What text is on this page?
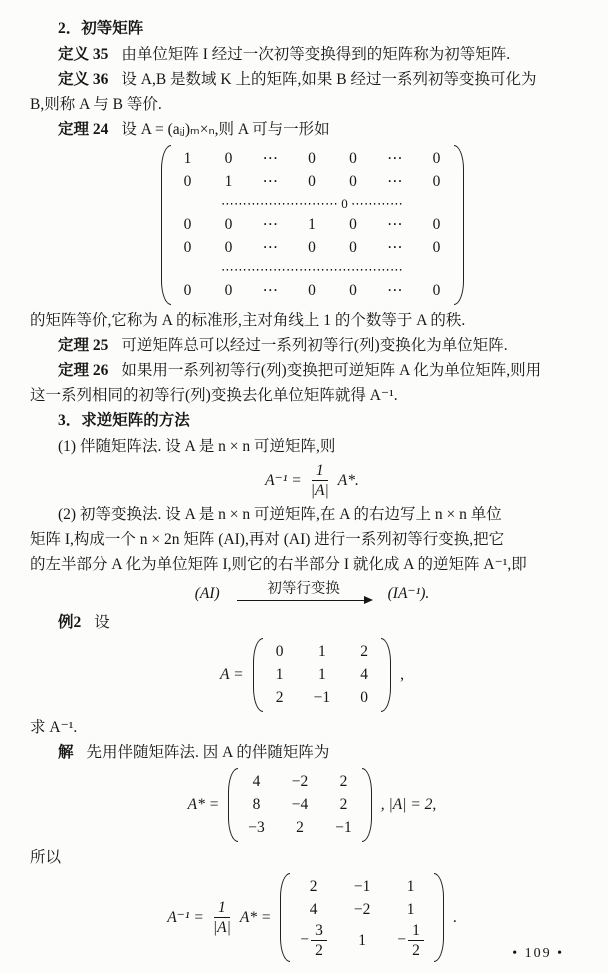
2．初等矩阵

定义 35 由单位矩阵 I 经过一次初等变换得到的矩阵称为初等矩阵.

定义 36 设 A,B 是数域 K 上的矩阵,如果 B 经过一系列初等变换可化为

B,则称 A 与 B 等价.

定理 24 设 A = (aᵢⱼ)ₘ×ₙ,则 A 可与一形如

1 0 ⋯ 0 0 ⋯ 0
0 1 ⋯ 0 0 ⋯ 0
⋯⋯⋯⋯⋯⋯⋯⋯⋯ 0 ⋯⋯⋯⋯
0 0 ⋯ 1 0 ⋯ 0
0 0 ⋯ 0 0 ⋯ 0
⋯⋯⋯⋯⋯⋯⋯⋯⋯⋯⋯⋯⋯⋯
0 0 ⋯ 0 0 ⋯ 0

的矩阵等价,它称为 A 的标准形,主对角线上 1 的个数等于 A 的秩.

定理 25 可逆矩阵总可以经过一系列初等行(列)变换化为单位矩阵.

定理 26 如果用一系列初等行(列)变换把可逆矩阵 A 化为单位矩阵,则用

这一系列相同的初等行(列)变换去化单位矩阵就得 A⁻¹.

3．求逆矩阵的方法

(1) 伴随矩阵法. 设 A 是 n × n 可逆矩阵,则

$A^{-1} = \frac{1}{|A|} A*$.

(2) 初等变换法. 设 A 是 n × n 可逆矩阵,在 A 的右边写上 n × n 单位

矩阵 I,构成一个 n × 2n 矩阵 (AI),再对 (AI) 进行一系列初等行变换,把它

的左半部分 A 化为单位矩阵 I,则它的右半部分 I 就化成 A 的逆矩阵 A⁻¹,即

(AI)	初等行变换	(IA⁻¹).

例2 设

A =
0 1 2
1 1 4
2 −1 0
,

求 A⁻¹.

解 先用伴随矩阵法. 因 A 的伴随矩阵为

A* =
4 −2 2
8 −4 2
−3 2 −1
, |A| = 2,

所以

$A^{-1} = \frac{1}{|A|} A*$ =
2 −1 1
4 −2 1
− $\frac{3}{2} 1 - \frac{1}{2}$
.
• 109 •
